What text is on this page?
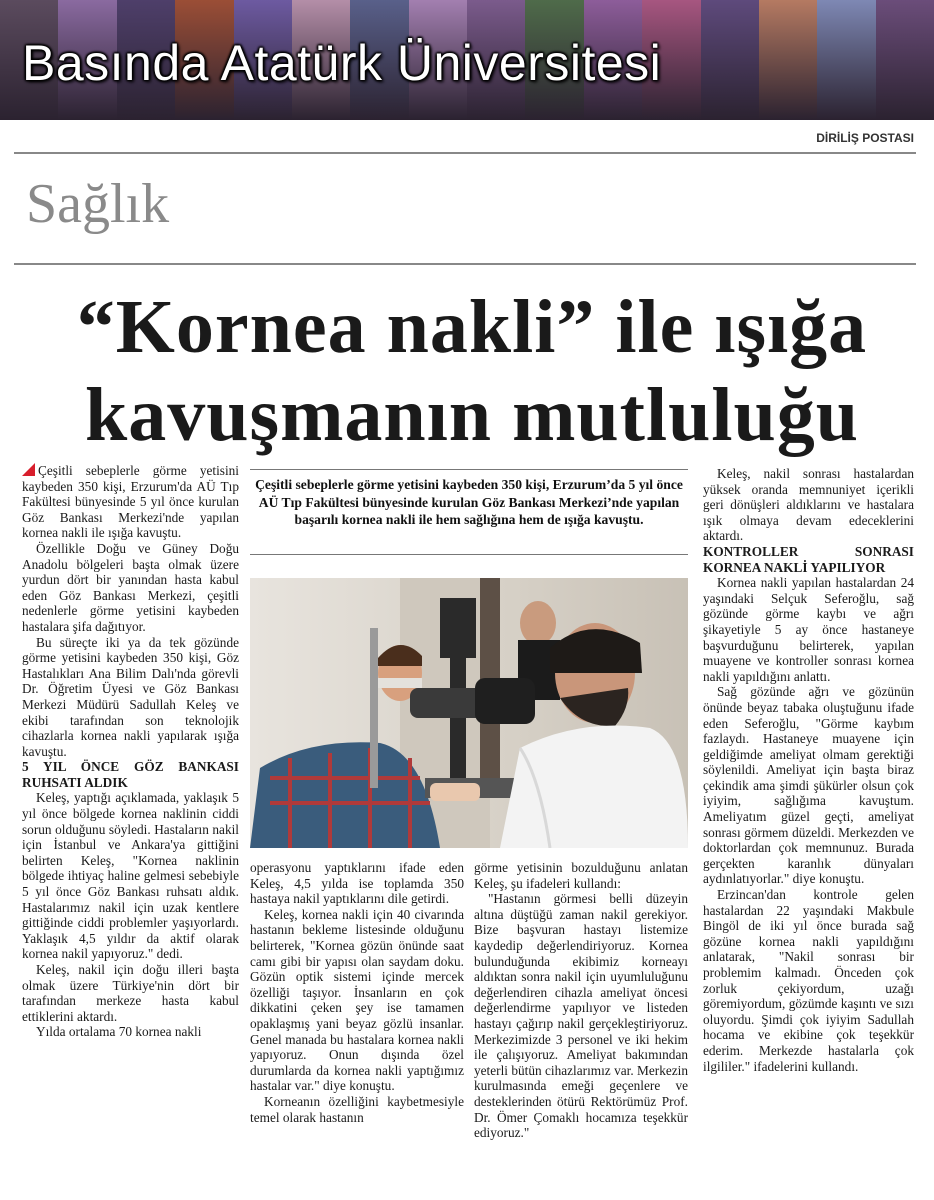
Basında Atatürk Üniversitesi
DİRİLİŞ POSTASI
Sağlık
“Kornea nakli” ile ışığa
kavuşmanın mutluluğu

Çeşitli sebeplerle görme yetisini kaybeden 350 kişi, Erzurum'da AÜ Tıp Fakültesi bünyesinde 5 yıl önce kurulan Göz Bankası Merkezi'nde yapılan kornea nakli ile ışığa kavuştu.

Özellikle Doğu ve Güney Doğu Anadolu bölgeleri başta olmak üzere yurdun dört bir yanından hasta kabul eden Göz Bankası Merkezi, çeşitli nedenlerle görme yetisini kaybeden hastalara şifa dağıtıyor.

Bu süreçte iki ya da tek gözünde görme yetisini kaybeden 350 kişi, Göz Hastalıkları Ana Bilim Dalı'nda görevli Dr. Öğretim Üyesi ve Göz Bankası Merkezi Müdürü Sadullah Keleş ve ekibi tarafından son teknolojik cihazlarla kornea nakli yapılarak ışığa kavuştu.

5 YIL ÖNCE GÖZ BANKASI RUHSATI ALDIK

Keleş, yaptığı açıklamada, yaklaşık 5 yıl önce bölgede kornea naklinin ciddi sorun olduğunu söyledi. Hastaların nakil için İstanbul ve Ankara'ya gittiğini belirten Keleş, "Kornea naklinin bölgede ihtiyaç haline gelmesi sebebiyle 5 yıl önce Göz Bankası ruhsatı aldık. Hastalarımız nakil için uzak kentlere gittiğinde ciddi problemler yaşıyorlardı. Yaklaşık 4,5 yıldır da aktif olarak kornea nakil yapıyoruz." dedi.

Keleş, nakil için doğu illeri başta olmak üzere Türkiye'nin dört bir tarafından merkeze hasta kabul ettiklerini aktardı.

Yılda ortalama 70 kornea nakli

Çeşitli sebeplerle görme yetisini kaybeden 350 kişi, Erzurum’da 5 yıl önce AÜ Tıp Fakültesi bünyesinde kurulan Göz Bankası Merkezi’nde yapılan başarılı kornea nakli ile hem sağlığına hem de ışığa kavuştu.

operasyonu yaptıklarını ifade eden Keleş, 4,5 yılda ise toplamda 350 hastaya nakil yaptıklarını dile getirdi.

Keleş, kornea nakli için 40 civarında hastanın bekleme listesinde olduğunu belirterek, "Kornea gözün önünde saat camı gibi bir yapısı olan saydam doku. Gözün optik sistemi içinde mercek özelliği taşıyor. İnsanların en çok dikkatini çeken şey ise tamamen opaklaşmış yani beyaz gözlü insanlar. Genel manada bu hastalara kornea nakli yapıyoruz. Onun dışında özel durumlarda da kornea nakli yaptığımız hastalar var." diye konuştu.

Korneanın özelliğini kaybetmesiyle temel olarak hastanın

görme yetisinin bozulduğunu anlatan Keleş, şu ifadeleri kullandı:

"Hastanın görmesi belli düzeyin altına düştüğü zaman nakil gerekiyor. Bize başvuran hastayı listemize kaydedip değerlendiriyoruz. Kornea bulunduğunda ekibimiz korneayı aldıktan sonra nakil için uyumluluğunu değerlendiren cihazla ameliyat öncesi değerlendirme yapılıyor ve listeden hastayı çağırıp nakil gerçekleştiriyoruz. Merkezimizde 3 personel ve iki hekim ile çalışıyoruz. Ameliyat bakımından yeterli bütün cihazlarımız var. Merkezin kurulmasında emeği geçenlere ve desteklerinden ötürü Rektörümüz Prof. Dr. Ömer Çomaklı hocamıza teşekkür ediyoruz."

Keleş, nakil sonrası hastalardan yüksek oranda memnuniyet içerikli geri dönüşleri aldıklarını ve hastalara ışık olmaya devam edeceklerini aktardı.

KONTROLLER SONRASI KORNEA NAKLİ YAPILIYOR

Kornea nakli yapılan hastalardan 24 yaşındaki Selçuk Seferoğlu, sağ gözünde görme kaybı ve ağrı şikayetiyle 5 ay önce hastaneye başvurduğunu belirterek, yapılan muayene ve kontroller sonrası kornea nakli yapıldığını anlattı.

Sağ gözünde ağrı ve gözünün önünde beyaz tabaka oluştuğunu ifade eden Seferoğlu, "Görme kaybım fazlaydı. Hastaneye muayene için geldiğimde ameliyat olmam gerektiği söylenildi. Ameliyat için başta biraz çekindik ama şimdi şükürler olsun çok iyiyim, sağlığıma kavuştum. Ameliyatım güzel geçti, ameliyat sonrası görmem düzeldi. Merkezden ve doktorlardan çok memnunuz. Burada gerçekten karanlık dünyaları aydınlatıyorlar." diye konuştu.

Erzincan'dan kontrole gelen hastalardan 22 yaşındaki Makbule Bingöl de iki yıl önce burada sağ gözüne kornea nakli yapıldığını anlatarak, "Nakil sonrası bir problemim kalmadı. Önceden çok zorluk çekiyordum, uzağı göremiyordum, gözümde kaşıntı ve sızı oluyordu. Şimdi çok iyiyim Sadullah hocama ve ekibine çok teşekkür ederim. Merkezde hastalarla çok ilgililer." ifadelerini kullandı.
